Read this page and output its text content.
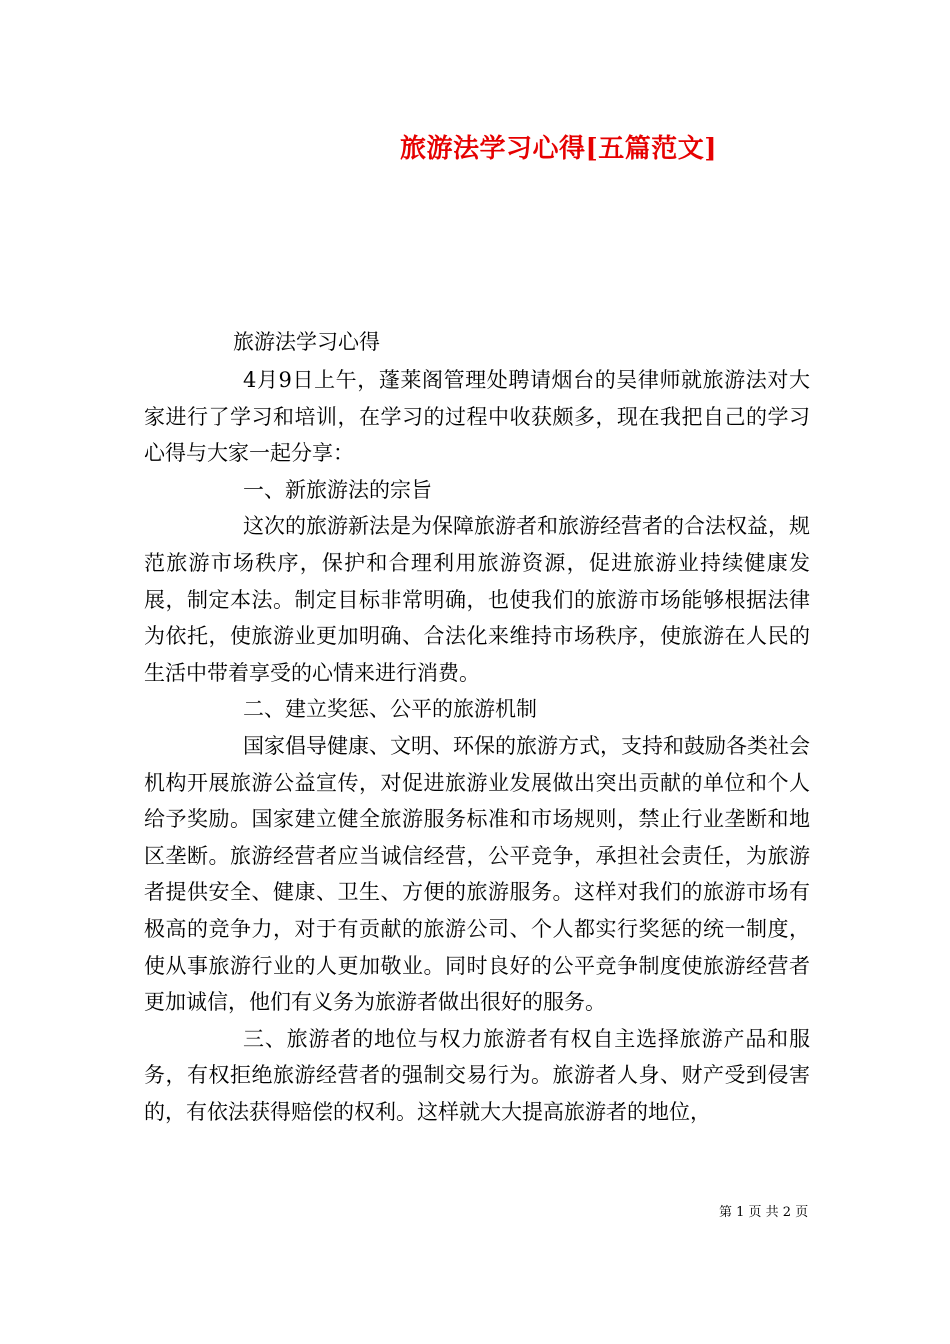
旅游法学习心得[五篇范文]
旅游法学习心得

4月9日上午，蓬莱阁管理处聘请烟台的吴律师就旅游法对大家进行了学习和培训，在学习的过程中收获颇多，现在我把自己的学习心得与大家一起分享：

一、新旅游法的宗旨

这次的旅游新法是为保障旅游者和旅游经营者的合法权益，规范旅游市场秩序，保护和合理利用旅游资源，促进旅游业持续健康发展，制定本法。制定目标非常明确，也使我们的旅游市场能够根据法律为依托，使旅游业更加明确、合法化来维持市场秩序，使旅游在人民的生活中带着享受的心情来进行消费。

二、建立奖惩、公平的旅游机制

国家倡导健康、文明、环保的旅游方式，支持和鼓励各类社会机构开展旅游公益宣传，对促进旅游业发展做出突出贡献的单位和个人给予奖励。国家建立健全旅游服务标准和市场规则，禁止行业垄断和地区垄断。旅游经营者应当诚信经营，公平竞争，承担社会责任，为旅游者提供安全、健康、卫生、方便的旅游服务。这样对我们的旅游市场有极高的竞争力，对于有贡献的旅游公司、个人都实行奖惩的统一制度，使从事旅游行业的人更加敬业。同时良好的公平竞争制度使旅游经营者更加诚信，他们有义务为旅游者做出很好的服务。

三、旅游者的地位与权力旅游者有权自主选择旅游产品和服务，有权拒绝旅游经营者的强制交易行为。旅游者人身、财产受到侵害的，有依法获得赔偿的权利。这样就大大提高旅游者的地位，

第 1 页 共 2 页
